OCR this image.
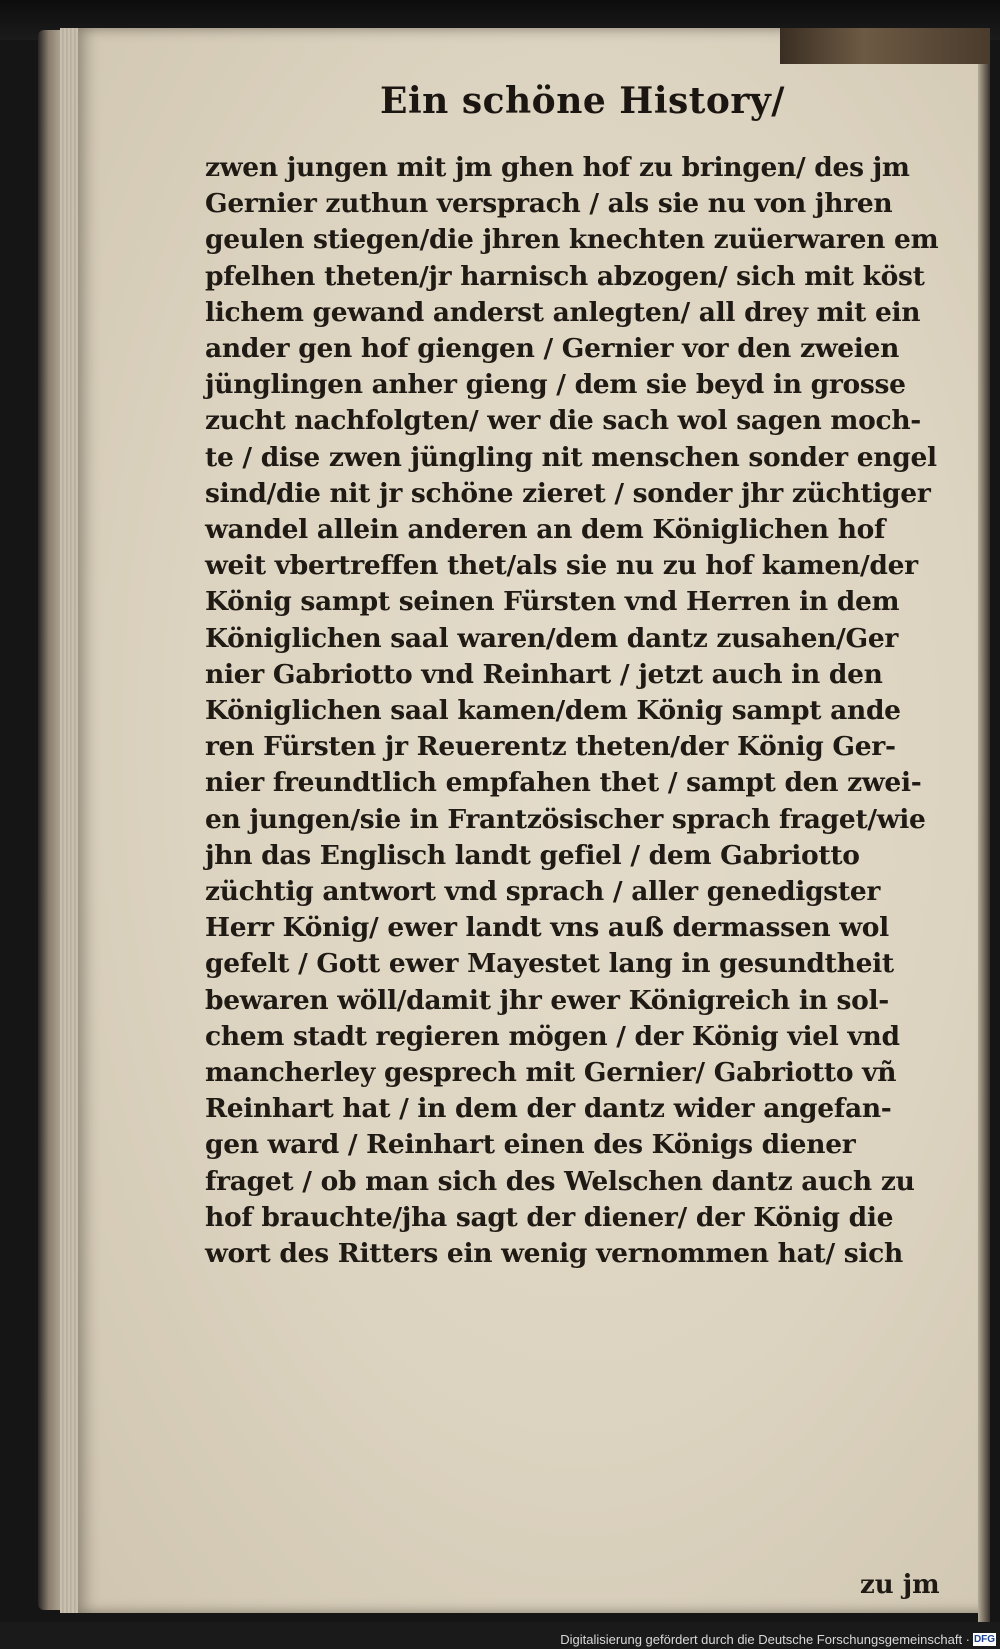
Ein schöne History/
zwen jungen mit jm ghen hof zu bringen/ des jm
Gernier zuthun versprach / als sie nu von jhren
geulen stiegen/die jhren knechten zuüerwaren em
pfelhen theten/jr harnisch abzogen/ sich mit köst
lichem gewand anderst anlegten/ all drey mit ein
ander gen hof giengen / Gernier vor den zweien
jünglingen anher gieng / dem sie beyd in grosse
zucht nachfolgten/ wer die sach wol sagen moch-
te / dise zwen jüngling nit menschen sonder engel
sind/die nit jr schöne zieret / sonder jhr züchtiger
wandel allein anderen an dem Königlichen hof
weit vbertreffen thet/als sie nu zu hof kamen/der
König sampt seinen Fürsten vnd Herren in dem
Königlichen saal waren/dem dantz zusahen/Ger
nier Gabriotto vnd Reinhart / jetzt auch in den
Königlichen saal kamen/dem König sampt ande
ren Fürsten jr Reuerentz theten/der König Ger-
nier freundtlich empfahen thet / sampt den zwei-
en jungen/sie in Frantzösischer sprach fraget/wie
jhn das Englisch landt gefiel / dem Gabriotto
züchtig antwort vnd sprach / aller genedigster
Herr König/ ewer landt vns auß dermassen wol
gefelt / Gott ewer Mayestet lang in gesundtheit
bewaren wöll/damit jhr ewer Königreich in sol-
chem stadt regieren mögen / der König viel vnd
mancherley gesprech mit Gernier/ Gabriotto vñ
Reinhart hat / in dem der dantz wider angefan-
gen ward / Reinhart einen des Königs diener
fraget / ob man sich des Welschen dantz auch zu
hof brauchte/jha sagt der diener/ der König die
wort des Ritters ein wenig vernommen hat/ sich
zu jm
Digitalisierung gefördert durch die Deutsche Forschungsgemeinschaft · DFG
